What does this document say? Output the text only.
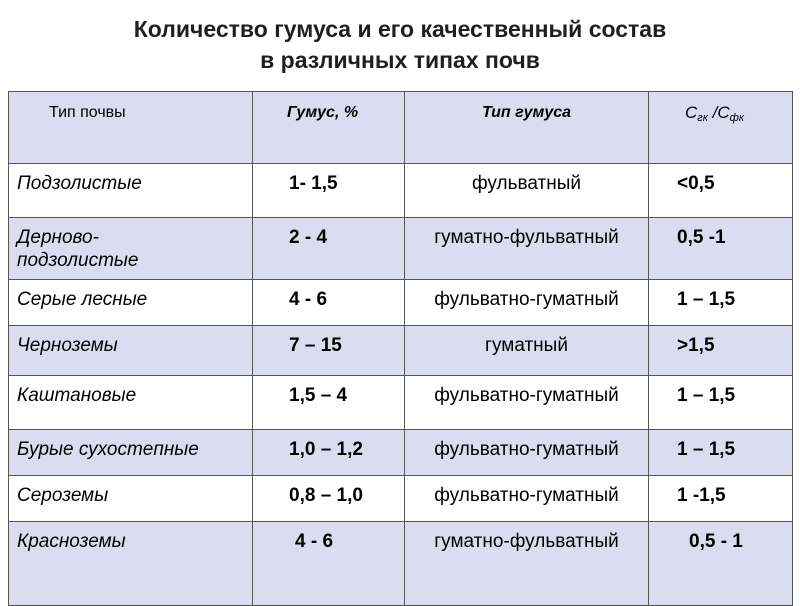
Количество гумуса и его качественный состав
в различных типах почв
Тип почвы	Гумус, %	Тип гумуса	$С_{гк}$ $/С_{фк}$
Подзолистые	1- 1,5	фульватный	<0,5
Дерново-подзолистые	2 - 4	гуматно-фульватный	0,5 -1
Серые лесные	4 - 6	фульватно-гуматный	1 – 1,5
Черноземы	7 – 15	гуматный	>1,5
Каштановые	1,5 – 4	фульватно-гуматный	1 – 1,5
Бурые сухостепные	1,0 – 1,2	фульватно-гуматный	1 – 1,5
Сероземы	0,8 – 1,0	фульватно-гуматный	1 -1,5
Красноземы	4 - 6	гуматно-фульватный	0,5 - 1
